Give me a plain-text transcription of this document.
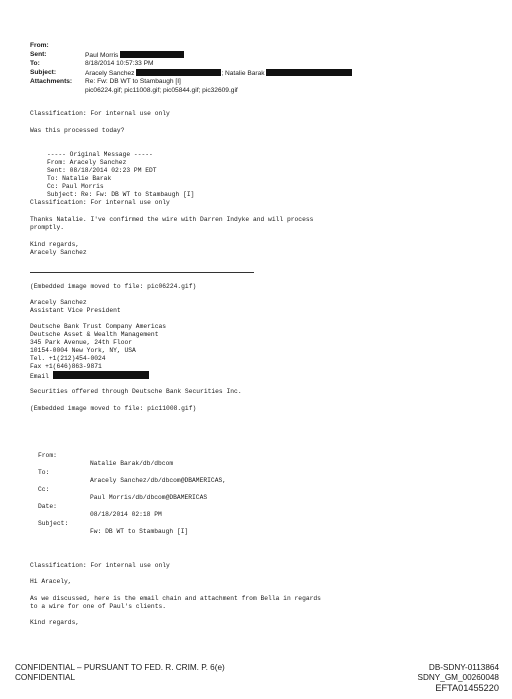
From:

Paul Morris

Sent:

8/18/2014 10:57:33 PM

To:

Aracely Sanchez	; Natalie Barak

Subject:

Re: Fw: DB WT to Stambaugh [I]

Attachments:

pic06224.gif; pic11008.gif; pic05844.gif; pic32609.gif

Classification: For internal use only
Was this processed today?
----- Original Message -----
From: Aracely Sanchez
Sent: 08/18/2014 02:23 PM EDT
To: Natalie Barak
Cc: Paul Morris
Subject: Re: Fw: DB WT to Stambaugh [I]
Classification: For internal use only
Thanks Natalie. I've confirmed the wire with Darren Indyke and will process
promptly.
Kind regards,
Aracely Sanchez
(Embedded image moved to file: pic06224.gif)
Aracely Sanchez
Assistant Vice President
Deutsche Bank Trust Company Americas
Deutsche Asset & Wealth Management
345 Park Avenue, 24th Floor
10154-0004 New York, NY, USA
Tel. +1(212)454-0024
Fax +1(646)863-9871
Email
Securities offered through Deutsche Bank Securities Inc.
(Embedded image moved to file: pic11008.gif)

From:

Natalie Barak/db/dbcom

To:

Aracely Sanchez/db/dbcom@DBAMERICAS,

Cc:

Paul Morris/db/dbcom@DBAMERICAS

Date:

08/18/2014 02:18 PM

Subject:

Fw: DB WT to Stambaugh [I]

Classification: For internal use only
Hi Aracely,
As we discussed, here is the email chain and attachment from Bella in regards
to a wire for one of Paul's clients.
Kind regards,
CONFIDENTIAL – PURSUANT TO FED. R. CRIM. P. 6(e)
CONFIDENTIAL
DB-SDNY-0113864
SDNY_GM_00260048
EFTA01455220
